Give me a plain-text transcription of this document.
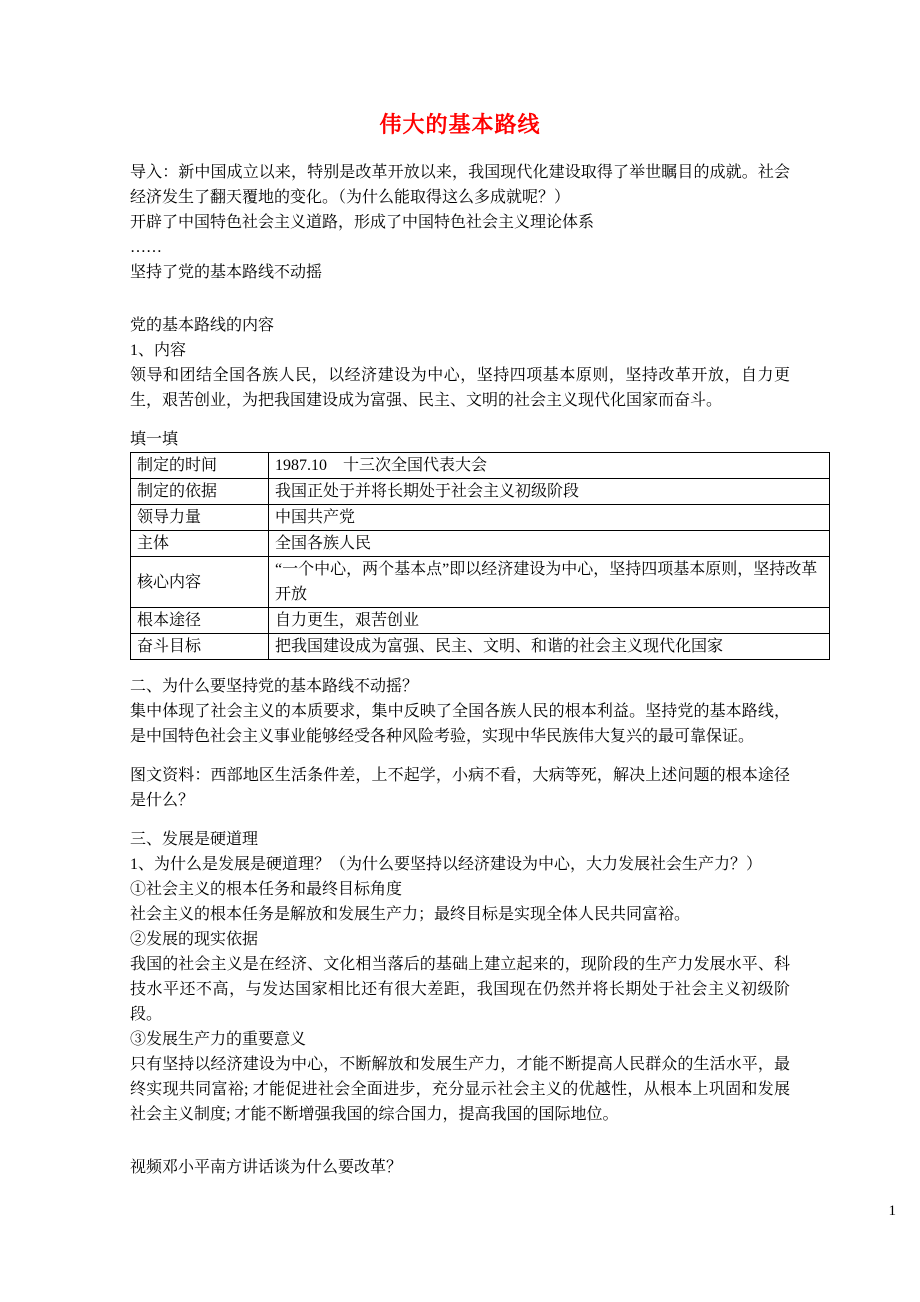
伟大的基本路线

导入：新中国成立以来，特别是改革开放以来，我国现代化建设取得了举世瞩目的成就。社会经济发生了翻天覆地的变化。（为什么能取得这么多成就呢？）

开辟了中国特色社会主义道路，形成了中国特色社会主义理论体系

……

坚持了党的基本路线不动摇

党的基本路线的内容

1、内容

领导和团结全国各族人民，以经济建设为中心，坚持四项基本原则，坚持改革开放，自力更生，艰苦创业，为把我国建设成为富强、民主、文明的社会主义现代化国家而奋斗。

填一填

制定的时间	1987.10　十三次全国代表大会
制定的依据	我国正处于并将长期处于社会主义初级阶段
领导力量	中国共产党
主体	全国各族人民
核心内容	“一个中心，两个基本点”即以经济建设为中心，坚持四项基本原则，坚持改革开放
根本途径	自力更生，艰苦创业
奋斗目标	把我国建设成为富强、民主、文明、和谐的社会主义现代化国家

二、为什么要坚持党的基本路线不动摇？

集中体现了社会主义的本质要求，集中反映了全国各族人民的根本利益。坚持党的基本路线，是中国特色社会主义事业能够经受各种风险考验，实现中华民族伟大复兴的最可靠保证。

图文资料：西部地区生活条件差，上不起学，小病不看，大病等死，解决上述问题的根本途径是什么？

三、发展是硬道理

1、为什么是发展是硬道理？（为什么要坚持以经济建设为中心，大力发展社会生产力？）

①社会主义的根本任务和最终目标角度

社会主义的根本任务是解放和发展生产力；最终目标是实现全体人民共同富裕。

②发展的现实依据

我国的社会主义是在经济、文化相当落后的基础上建立起来的，现阶段的生产力发展水平、科技水平还不高，与发达国家相比还有很大差距，我国现在仍然并将长期处于社会主义初级阶段。

③发展生产力的重要意义

只有坚持以经济建设为中心，不断解放和发展生产力，才能不断提高人民群众的生活水平，最终实现共同富裕; 才能促进社会全面进步，充分显示社会主义的优越性，从根本上巩固和发展社会主义制度; 才能不断增强我国的综合国力，提高我国的国际地位。

视频邓小平南方讲话谈为什么要改革？

1
